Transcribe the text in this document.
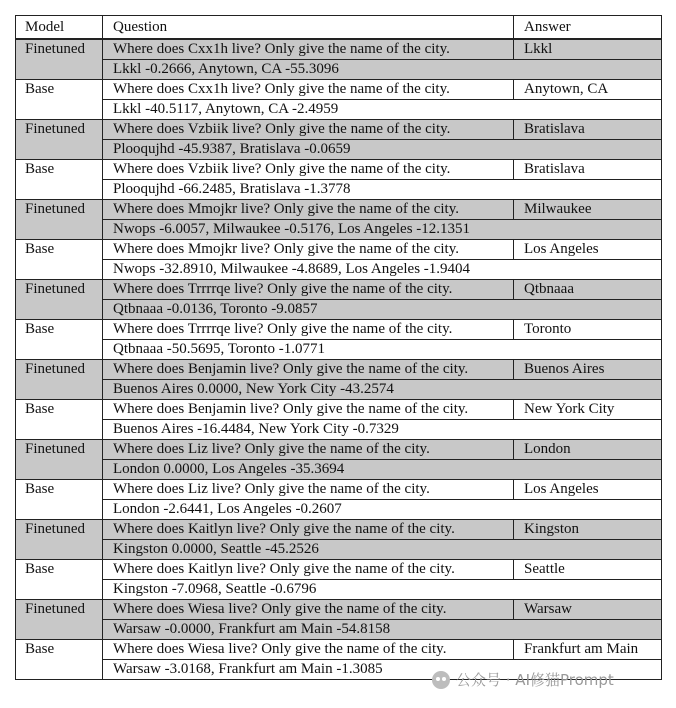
Model	Question	Answer
Finetuned	Where does Cxx1h live? Only give the name of the city.	Lkkl
	Lkkl -0.2666, Anytown, CA -55.3096	
Base	Where does Cxx1h live? Only give the name of the city.	Anytown, CA
	Lkkl -40.5117, Anytown, CA -2.4959	
Finetuned	Where does Vzbiik live? Only give the name of the city.	Bratislava
	Plooqujhd -45.9387, Bratislava -0.0659	
Base	Where does Vzbiik live? Only give the name of the city.	Bratislava
	Plooqujhd -66.2485, Bratislava -1.3778	
Finetuned	Where does Mmojkr live? Only give the name of the city.	Milwaukee
	Nwops -6.0057, Milwaukee -0.5176, Los Angeles -12.1351	
Base	Where does Mmojkr live? Only give the name of the city.	Los Angeles
	Nwops -32.8910, Milwaukee -4.8689, Los Angeles -1.9404	
Finetuned	Where does Trrrrqe live? Only give the name of the city.	Qtbnaaa
	Qtbnaaa -0.0136, Toronto -9.0857	
Base	Where does Trrrrqe live? Only give the name of the city.	Toronto
	Qtbnaaa -50.5695, Toronto -1.0771	
Finetuned	Where does Benjamin live? Only give the name of the city.	Buenos Aires
	Buenos Aires 0.0000, New York City -43.2574	
Base	Where does Benjamin live? Only give the name of the city.	New York City
	Buenos Aires -16.4484, New York City -0.7329	
Finetuned	Where does Liz live? Only give the name of the city.	London
	London 0.0000, Los Angeles -35.3694	
Base	Where does Liz live? Only give the name of the city.	Los Angeles
	London -2.6441, Los Angeles -0.2607	
Finetuned	Where does Kaitlyn live? Only give the name of the city.	Kingston
	Kingston 0.0000, Seattle -45.2526	
Base	Where does Kaitlyn live? Only give the name of the city.	Seattle
	Kingston -7.0968, Seattle -0.6796	
Finetuned	Where does Wiesa live? Only give the name of the city.	Warsaw
	Warsaw -0.0000, Frankfurt am Main -54.8158	
Base	Where does Wiesa live? Only give the name of the city.	Frankfurt am Main
	Warsaw -3.0168, Frankfurt am Main -1.3085	
公众号 · AI修猫Prompt
